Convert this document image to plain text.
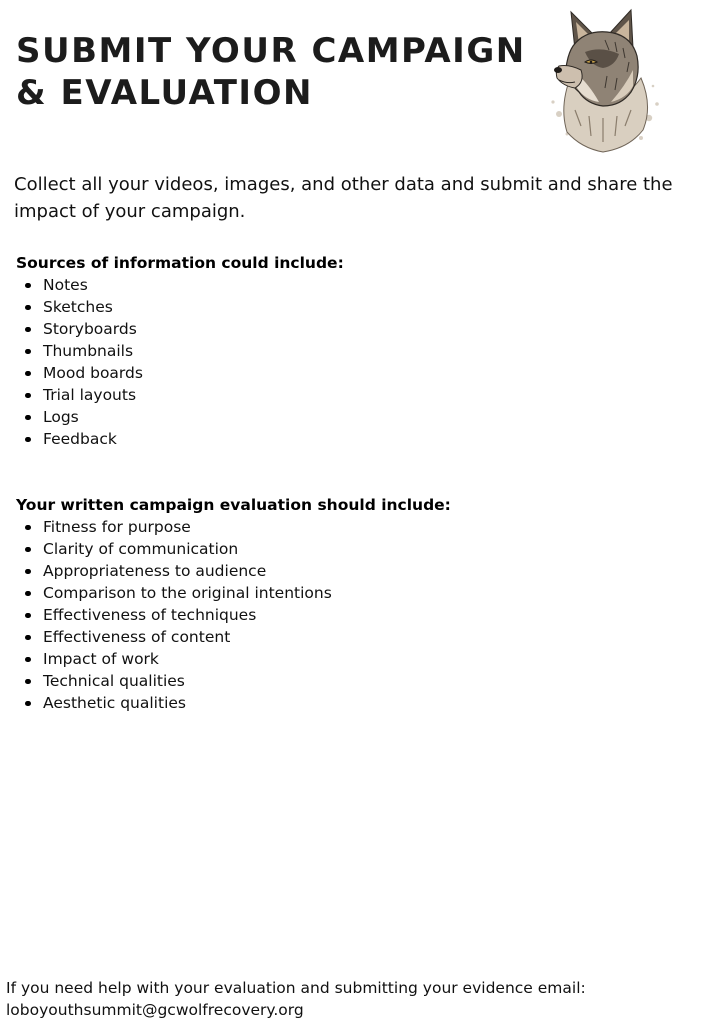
SUBMIT YOUR CAMPAIGN & EVALUATION

Collect all your videos, images, and other data and submit and share the impact of your campaign.

Sources of information could include:
Notes
Sketches
Storyboards
Thumbnails
Mood boards
Trial layouts
Logs
Feedback
Your written campaign evaluation should include:
Fitness for purpose
Clarity of communication
Appropriateness to audience
Comparison to the original intentions
Effectiveness of techniques
Effectiveness of content
Impact of work
Technical qualities
Aesthetic qualities
If you need help with your evaluation and submitting your evidence email:
loboyouthsummit@gcwolfrecovery.org
